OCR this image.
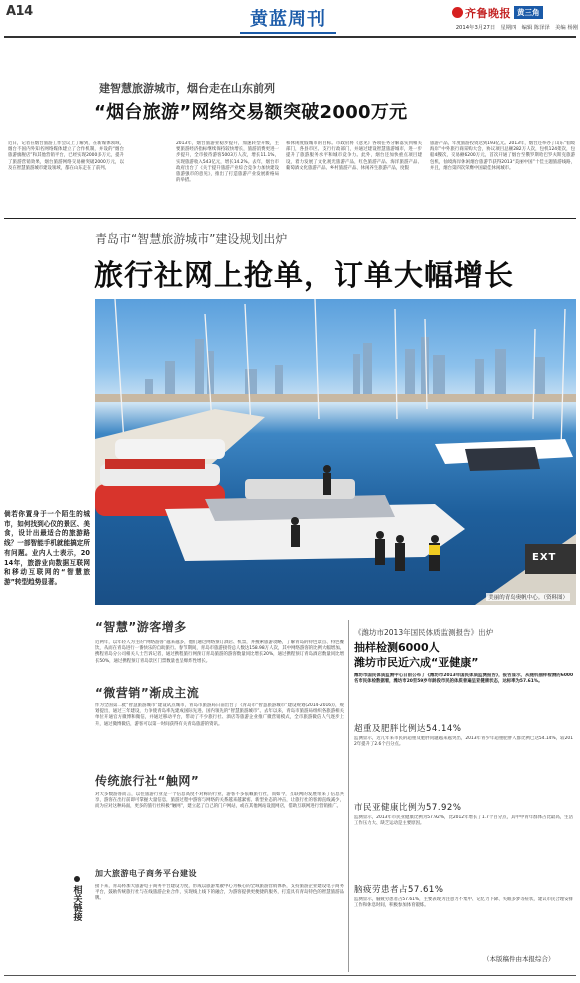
A14	黄蓝周刊	齐鲁晚报 黄三角
2014年3月27日　星期四　编辑 陈泽泽　美编 杨刚
建智慧旅游城市，烟台走在山东前列
“烟台旅游”网络交易额突破2000万元
近日，记者在烟台旅游工作会议上了解到，在新媒体领域，烟台不国内外知名网络媒体建立了合作机制，并设的“烟台旅游旗舰店”和其他营销平台，已经实现2000多万元，提升了旅游营销效果，烟台旅游网络交易额突破2000万元，以及在智慧旅游城市建设领域，都在山东走在了前列。
2013年，烟台旅游业稳步提升，加速转型升级，主要旅游经济指标继续保持较快增长，旅游消费更进一步提升，全市接待游客5003万人次，增长11.1%，实现旅游收入543亿元，增长14.2%。去年，烟台市政府出台了《关于提升旅游产业综合竞争力加快建设旅游强市的意见》，推出了打造旅游产业发展新格局的举措。
和休闲度假城市的目标。市政府将《意见》各项任务分解落实到相关部门，各县市区、支行行政部门，并通过建设智慧旅游城市，进一步提升了旅游服务水平和城市竞争力。此外，烟台还加快重点项目建设，着力发展了文化观光旅游产品，红色旅游产品、海洋旅游产品、葡萄酒文化旅游产品、乡村旅游产品、休闲养生旅游产品，度假
旅游产品，年度旅游投资达到193亿元。2013年，烟台还举办了山东“仙境海岸”中外旅行商采购大会，协议项目总额282万人次，包机124架次，包船4艘次，交易额6200万元，首次开通了烟台至俄罗斯哈巴罗夫斯克旅游包机，仙境海岸休闲烟台旅游节获得2013“美丽中国”十佳主题旅游线路，并且，烟台第四次荣膺中国最佳休闲城市。
青岛市“智慧旅游城市”建设规划出炉
旅行社网上抢单，订单大幅增长
EXT
美丽的青岛奥帆中心。（资料图）
倘若你置身于一个陌生的城市，如何找到心仪的景区、美食，设计出最适合的旅游路线？一部智能手机就能搞定所有问题。业内人士表示，2014年，旅游业向数据互联网和移动互联网的“智慧旅游”转型趋势显著。
“智慧”游客增多
近两年，以年轻人为主的“网络游客”越来越多，他们通过网络预订酒店、机票，并搜索旅游攻略，了解青岛的特色景点、特色餐饮，从而在青岛进行一番快乐的自助旅行。春节期间，青岛市旅游接待总人数达158.98万人次，其中网络游客的比例大幅增加。携程青岛分公司相关人士告诉记者，通过携程旅行网预订青岛旅游的游客数量同比增长20%，通过携程预订青岛酒店数量同比增长50%，通过携程预订青岛景区门票数量也呈爆炸性增长。
“微营销”渐成主流
作为全国第二批“智慧旅游城市”建设试点城市，青岛市旅游局日前出台了《青岛市“智慧旅游城市”建设规划(2014-2016)》，规划提出，通过三年建设，力争使青岛率先建成国际先进、国内领先的“智慧旅游城市”。去年以来，青岛市旅游局组织各旅游相关单位开通官方微博和微信，并通过移动平台，带动了不少旅行社、酒店等旅游企业推广微营销模式，全市旅游微信人气逐步上升，通过微博微信，游客可以第一时间获得有关青岛旅游的资讯。
传统旅行社“触网”
对大多数游客而言，以往旅游行业是一个信息高度不对称的行业，游客不多依赖旅行社，而如今，互联网的发展带来了信息共享，游客在出行前即可掌握大量信息，旅游过程中游客与网络的关系越来越紧密。新型业态的冲击，让旅行社的客源直线减少，而为应对这种局面，更多的旅行社积极“触网”，建立起了自己的门户网站，或在其他网站设置网店，借助互联网进行营销推广。
加大旅游电子商务平台建设
接下来，青岛将加大旅游电子商务平台建设力度，形成以旅游集散中心为核心的全域旅游营销体系，支持旅游企业建设电子商务平台，鼓励传统旅行社与在线旅游企业合作，实现线上线下的融合，为游客提供更便捷的服务，打造具有青岛特色的智慧旅游品牌。
相关链接
《潍坊市2013年国民体质监测报告》出炉
抽样检测6000人
潍坊市民近六成“亚健康”
潍坊市国民体质监测中心日前公布了《潍坊市2013年国民体质监测报告》，报告显示，从随机抽样检测的6000名市民体检数据看，潍坊市20至59岁年龄段市民的体质普遍呈亚健康状态，达标率为57.61%。
超重及肥胖比例达54.14%
监测显示，近几年来市民的超重及肥胖问题越来越突出，2013年青少年超重肥胖人群比例已达54.14%，较2012年提升了2.6个百分点。
市民亚健康比例为57.92%
监测显示，2013年市民亚健康比例为57.92%，比2012年增长了1.7个百分点，其中中青年群体占比最高，生活工作压力大、缺乏运动是主要原因。
脑疲劳患者占57.61%
监测显示，脑疲劳患者占57.61%，主要表现为注意力不集中、记忆力下降、失眠多梦等症状，建议市民合理安排工作和休息时间，积极参加体育锻炼。
（本版稿件由本报综合）
